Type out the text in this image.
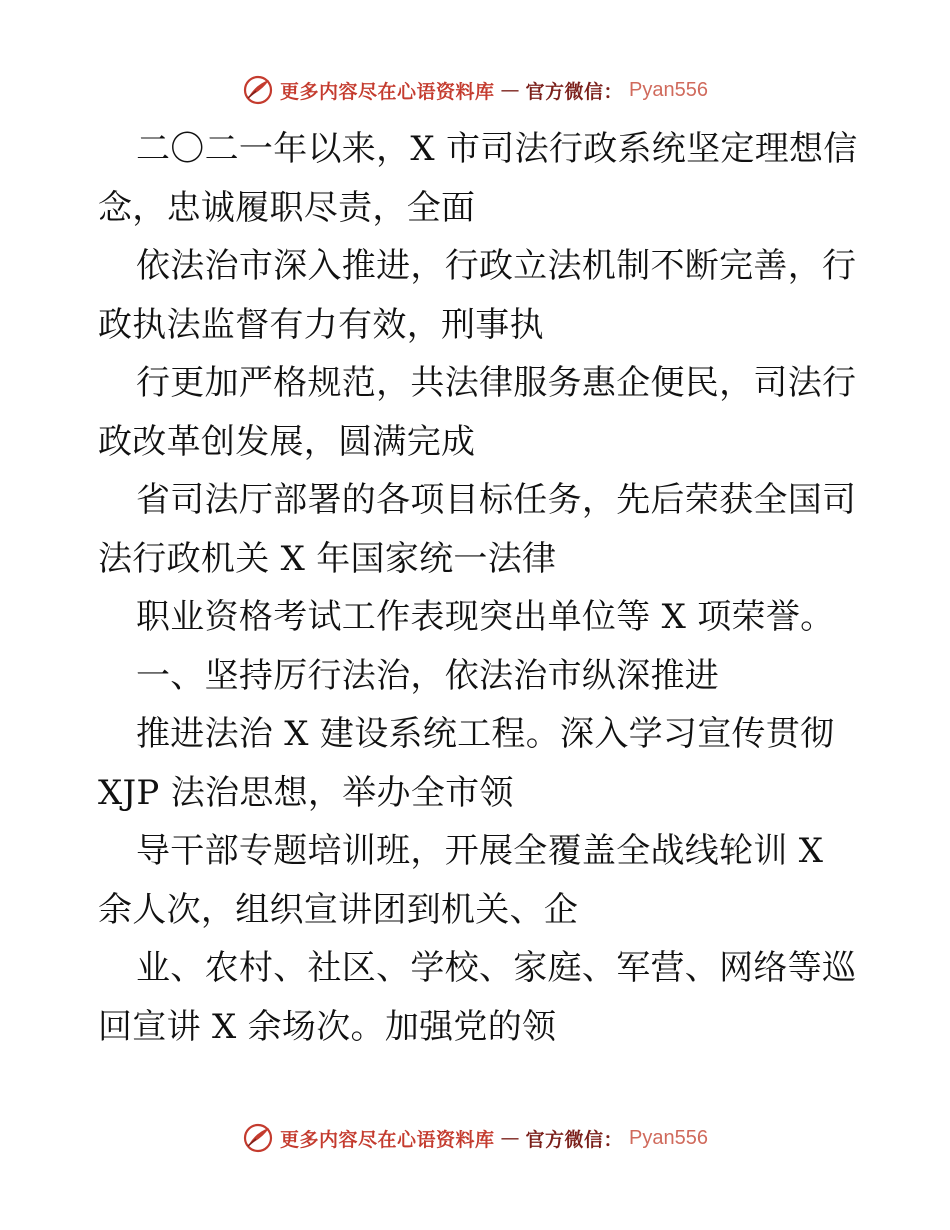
更多内容尽在心语资料库 — 官方微信： Pyan556
二〇二一年以来，X 市司法行政系统坚定理想信
念，忠诚履职尽责，全面
依法治市深入推进，行政立法机制不断完善，行
政执法监督有力有效，刑事执
行更加严格规范，共法律服务惠企便民，司法行
政改革创发展，圆满完成
省司法厅部署的各项目标任务，先后荣获全国司
法行政机关 X 年国家统一法律
职业资格考试工作表现突出单位等 X 项荣誉。
一、坚持厉行法治，依法治市纵深推进
推进法治 X 建设系统工程。深入学习宣传贯彻
XJP 法治思想，举办全市领
导干部专题培训班，开展全覆盖全战线轮训 X
余人次，组织宣讲团到机关、企
业、农村、社区、学校、家庭、军营、网络等巡
回宣讲 X 余场次。加强党的领
更多内容尽在心语资料库 — 官方微信： Pyan556
